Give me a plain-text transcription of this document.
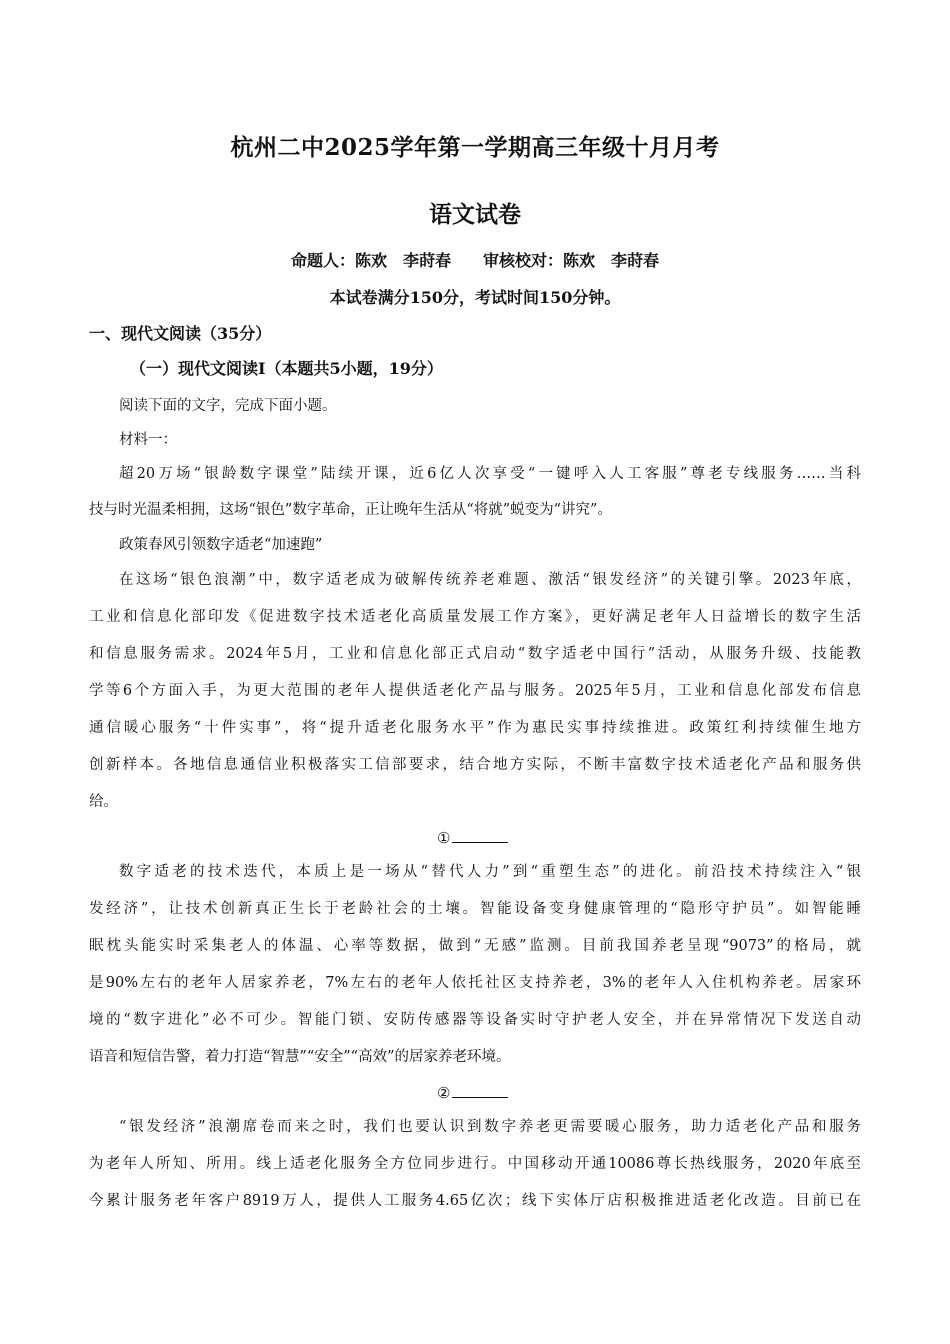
杭州二中2025学年第一学期高三年级十月月考
语文试卷
命题人：陈欢　李莳春　　审核校对：陈欢　李莳春
本试卷满分150分，考试时间150分钟。
一、现代文阅读（35分）
（一）现代文阅读Ⅰ（本题共5小题，19分）
阅读下面的文字，完成下面小题。
材料一：
超20万场“银龄数字课堂”陆续开课，近6亿人次享受“一键呼入人工客服”尊老专线服务……当科
技与时光温柔相拥，这场“银色”数字革命，正让晚年生活从“将就”蜕变为“讲究”。
政策春风引领数字适老“加速跑”
在这场“银色浪潮”中，数字适老成为破解传统养老难题、激活“银发经济”的关键引擎。2023年底，
工业和信息化部印发《促进数字技术适老化高质量发展工作方案》，更好满足老年人日益增长的数字生活
和信息服务需求。2024年5月，工业和信息化部正式启动“数字适老中国行”活动，从服务升级、技能教
学等6个方面入手，为更大范围的老年人提供适老化产品与服务。2025年5月，工业和信息化部发布信息
通信暖心服务“十件实事”，将“提升适老化服务水平”作为惠民实事持续推进。政策红利持续催生地方
创新样本。各地信息通信业积极落实工信部要求，结合地方实际，不断丰富数字技术适老化产品和服务供
给。
①
数字适老的技术迭代，本质上是一场从“替代人力”到“重塑生态”的进化。前沿技术持续注入“银
发经济”，让技术创新真正生长于老龄社会的土壤。智能设备变身健康管理的“隐形守护员”。如智能睡
眠枕头能实时采集老人的体温、心率等数据，做到“无感”监测。目前我国养老呈现“9073”的格局，就
是90%左右的老年人居家养老，7%左右的老年人依托社区支持养老，3%的老年人入住机构养老。居家环
境的“数字进化”必不可少。智能门锁、安防传感器等设备实时守护老人安全，并在异常情况下发送自动
语音和短信告警，着力打造“智慧”“安全”“高效”的居家养老环境。
②
“银发经济”浪潮席卷而来之时，我们也要认识到数字养老更需要暖心服务，助力适老化产品和服务
为老年人所知、所用。线上适老化服务全方位同步进行。中国移动开通10086尊长热线服务，2020年底至
今累计服务老年客户8919万人，提供人工服务4.65亿次；线下实体厅店积极推进适老化改造。目前已在
